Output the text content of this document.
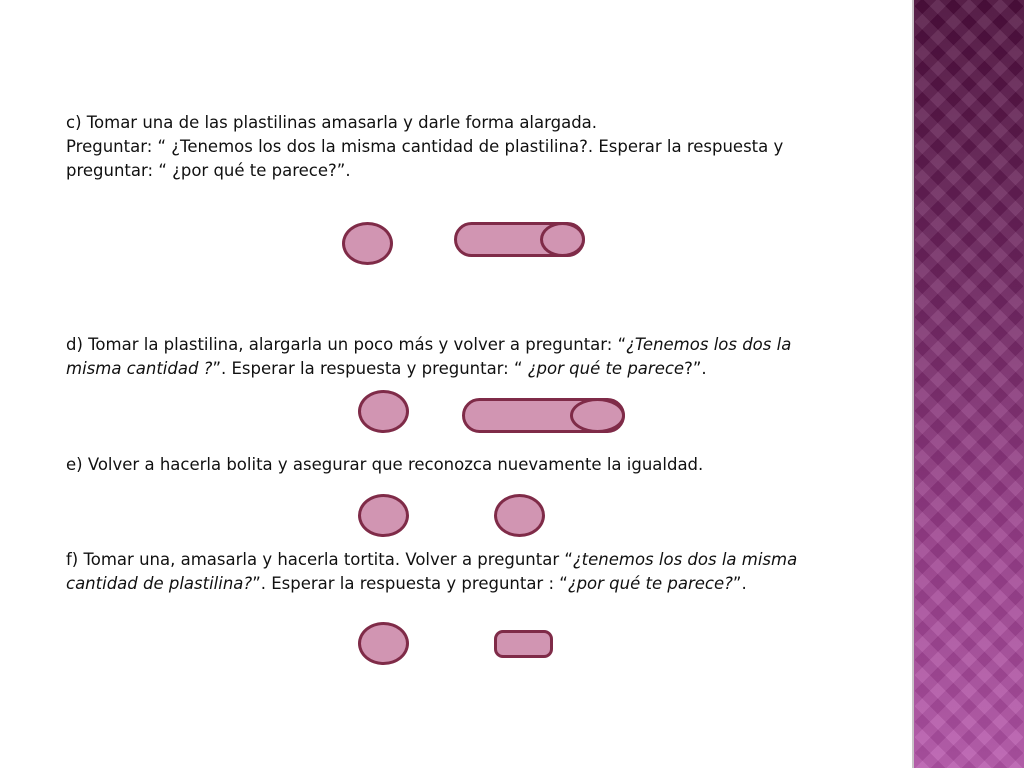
c) Tomar una de las plastilinas amasarla y darle forma alargada.
Preguntar: “ ¿Tenemos los dos la misma cantidad de plastilina?. Esperar la respuesta y
preguntar: “ ¿por qué te parece?”.
d) Tomar la plastilina, alargarla un poco más y volver a preguntar: “¿Tenemos los dos la
misma cantidad ?”. Esperar la respuesta y preguntar: “ ¿por qué te parece?”.
e) Volver a hacerla bolita y asegurar que reconozca nuevamente la igualdad.
f) Tomar una, amasarla y hacerla tortita. Volver a preguntar “¿tenemos los dos la misma
cantidad de plastilina?”. Esperar la respuesta y preguntar : “¿por qué te parece?”.
